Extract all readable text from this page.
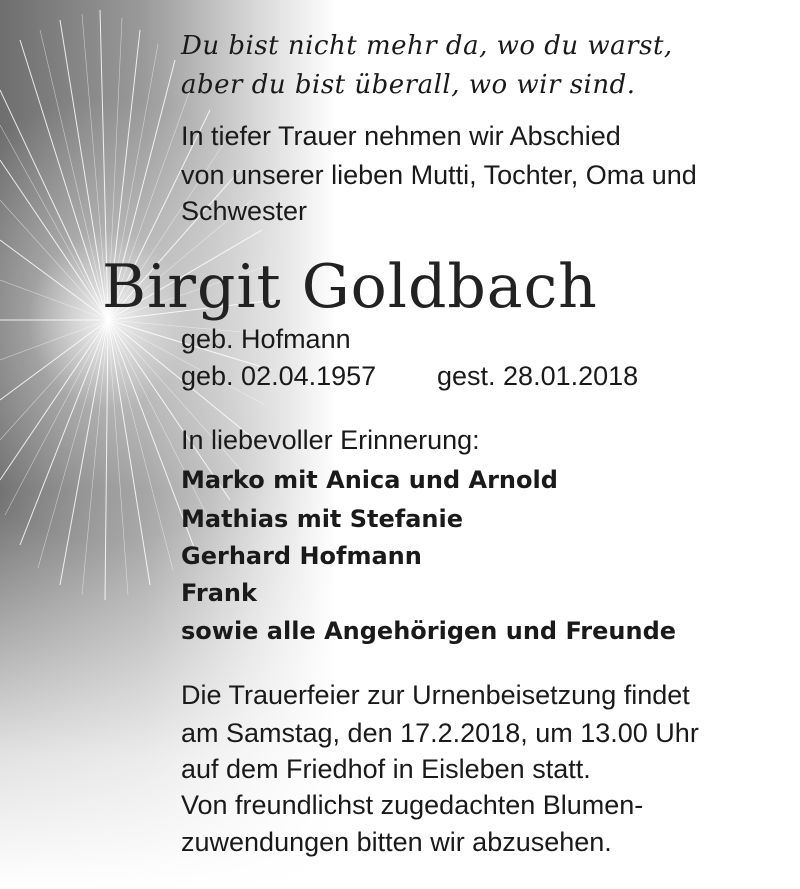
Du bist nicht mehr da, wo du warst,
aber du bist überall, wo wir sind.
In tiefer Trauer nehmen wir Abschied
von unserer lieben Mutti, Tochter, Oma und
Schwester
geb. Hofmann
geb. 02.04.1957 gest. 28.01.2018
In liebevoller Erinnerung:
Marko mit Anica und Arnold
Mathias mit Stefanie
Gerhard Hofmann
Frank
sowie alle Angehörigen und Freunde
Die Trauerfeier zur Urnenbeisetzung findet
am Samstag, den 17.2.2018, um 13.00 Uhr
auf dem Friedhof in Eisleben statt.
Von freundlichst zugedachten Blumen-
zuwendungen bitten wir abzusehen.
Birgit Goldbach
